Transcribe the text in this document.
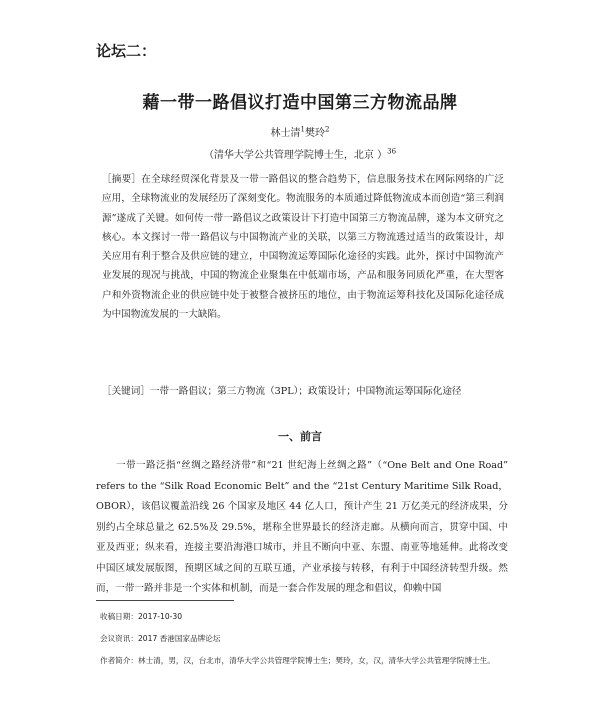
论坛二：
藉一带一路倡议打造中国第三方物流品牌
林士清$^1$樊玲$^2$
（清华大学公共管理学院博士生，北京 ）$^{36}$
［摘要］在全球经贸深化背景及一带一路倡议的整合趋势下，信息服务技术在网际网络的广泛应用，全球物流业的发展经历了深刻变化。物流服务的本质通过降低物流成本而创造“第三利润源”遂成了关键。如何传一带一路倡议之政策设计下打造中国第三方物流品牌，遂为本文研究之核心。本文探讨一带一路倡议与中国物流产业的关联，以第三方物流透过适当的政策设计，却关应用有利于整合及供应链的建立，中国物流运筹国际化途径的实践。此外，探讨中国物流产业发展的现况与挑战，中国的物流企业聚集在中低端市场，产品和服务同质化严重，在大型客户和外资物流企业的供应链中处于被整合被挤压的地位，由于物流运筹科技化及国际化途径成为中国物流发展的一大缺陷。
［关键词］一带一路倡议；第三方物流（3PL）；政策设计；中国物流运筹国际化途径
一、前言
一带一路泛指“丝绸之路经济带”和“21 世纪海上丝绸之路”（“One Belt and One Road” refers to the “Silk Road Economic Belt” and the “21st Century Maritime Silk Road，OBOR），该倡议覆盖沿线 26 个国家及地区 44 亿人口，预计产生 21 万亿美元的经济成果，分别约占全球总量之 62.5%及 29.5%，堪称全世界最长的经济走廊。从横向而言，贯穿中国、中亚及西亚；纵来看，连接主要沿海港口城市，并且不断向中亚、东盟、南亚等地延伸。此将改变中国区域发展版图，预期区域之间的互联互通，产业承接与转移，有利于中国经济转型升级。然而，一带一路并非是一个实体和机制，而是一套合作发展的理念和倡议，仰赖中国
收稿日期：2017-10-30
会议资讯：2017 香港国家品牌论坛
作者简介：林士清，男，汉，台北市，清华大学公共管理学院博士生；樊玲，女，汉，清华大学公共管理学院博士生。
